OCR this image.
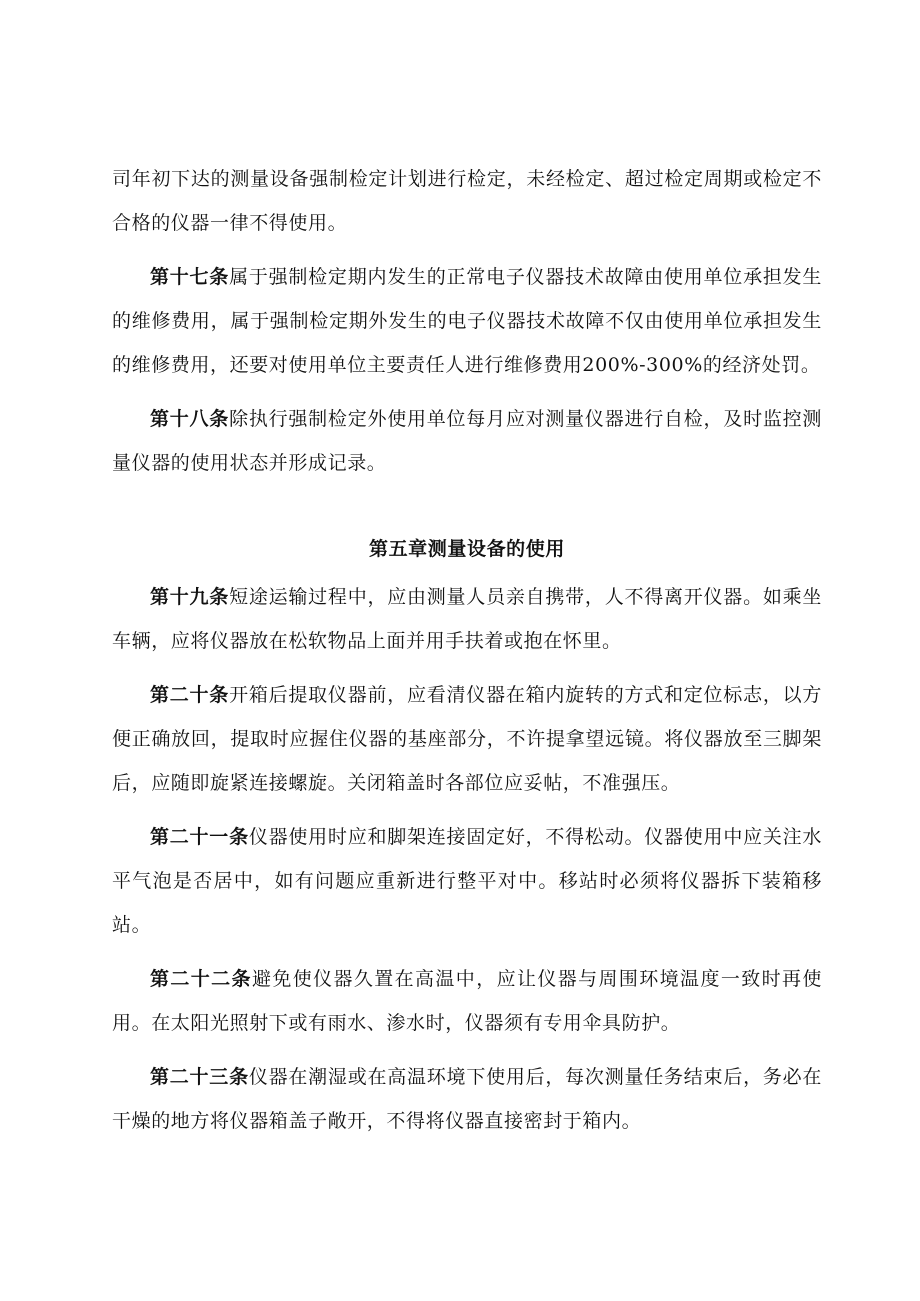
司年初下达的测量设备强制检定计划进行检定，未经检定、超过检定周期或检定不合格的仪器一律不得使用。

第十七条属于强制检定期内发生的正常电子仪器技术故障由使用单位承担发生的维修费用，属于强制检定期外发生的电子仪器技术故障不仅由使用单位承担发生的维修费用，还要对使用单位主要责任人进行维修费用200%-300%的经济处罚。

第十八条除执行强制检定外使用单位每月应对测量仪器进行自检，及时监控测量仪器的使用状态并形成记录。

第五章测量设备的使用

第十九条短途运输过程中，应由测量人员亲自携带，人不得离开仪器。如乘坐车辆，应将仪器放在松软物品上面并用手扶着或抱在怀里。

第二十条开箱后提取仪器前，应看清仪器在箱内旋转的方式和定位标志，以方便正确放回，提取时应握住仪器的基座部分，不许提拿望远镜。将仪器放至三脚架后，应随即旋紧连接螺旋。关闭箱盖时各部位应妥帖，不准强压。

第二十一条仪器使用时应和脚架连接固定好，不得松动。仪器使用中应关注水平气泡是否居中，如有问题应重新进行整平对中。移站时必须将仪器拆下装箱移站。

第二十二条避免使仪器久置在高温中，应让仪器与周围环境温度一致时再使用。在太阳光照射下或有雨水、渗水时，仪器须有专用伞具防护。

第二十三条仪器在潮湿或在高温环境下使用后，每次测量任务结束后，务必在干燥的地方将仪器箱盖子敞开，不得将仪器直接密封于箱内。
